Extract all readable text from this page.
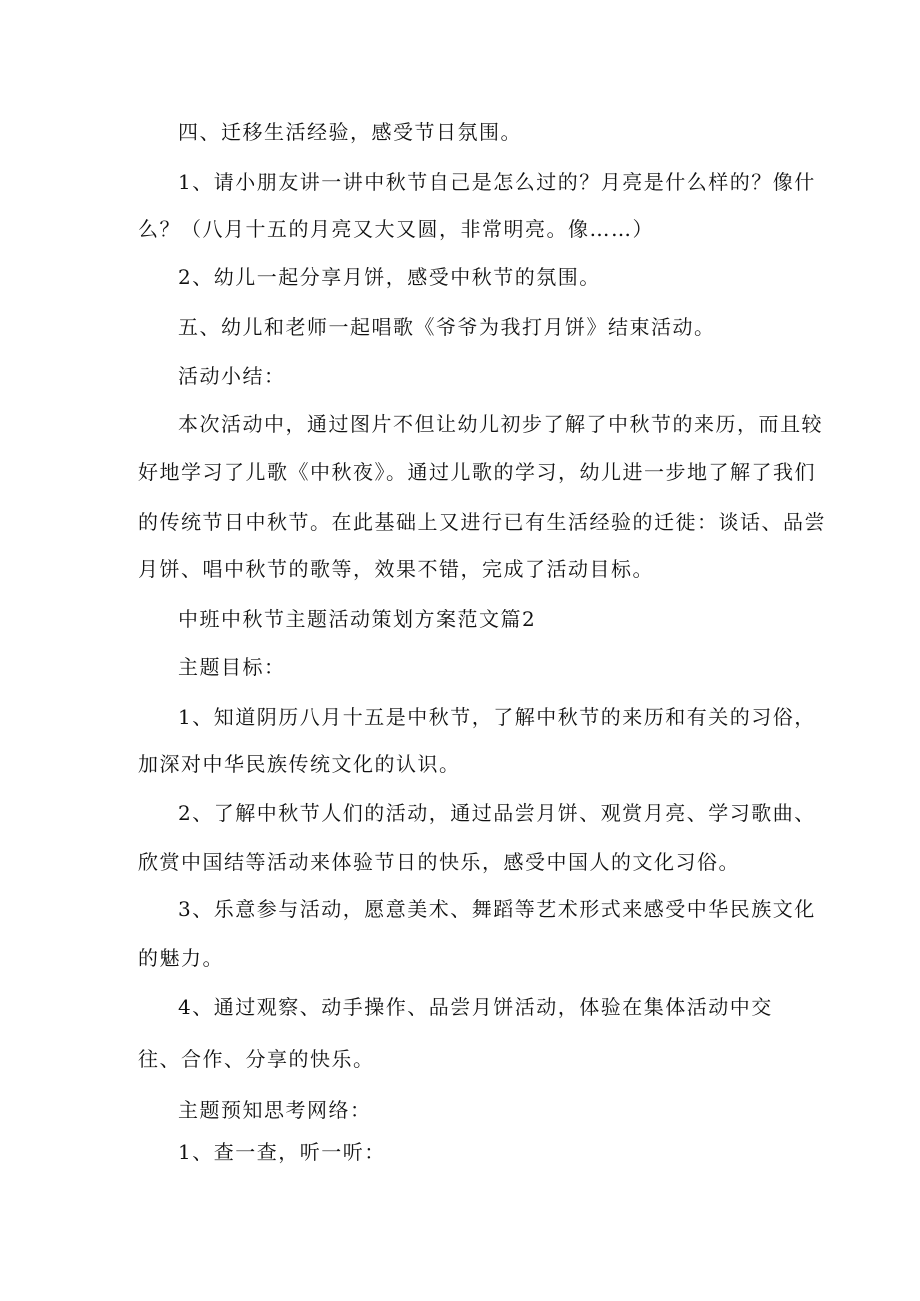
四、迁移生活经验，感受节日氛围。
1、请小朋友讲一讲中秋节自己是怎么过的？月亮是什么样的？像什
么？（八月十五的月亮又大又圆，非常明亮。像……）
2、幼儿一起分享月饼，感受中秋节的氛围。
五、幼儿和老师一起唱歌《爷爷为我打月饼》结束活动。
活动小结：
本次活动中，通过图片不但让幼儿初步了解了中秋节的来历，而且较
好地学习了儿歌《中秋夜》。通过儿歌的学习，幼儿进一步地了解了我们
的传统节日中秋节。在此基础上又进行已有生活经验的迁徙：谈话、品尝
月饼、唱中秋节的歌等，效果不错，完成了活动目标。
中班中秋节主题活动策划方案范文篇2
主题目标：
1、知道阴历八月十五是中秋节，了解中秋节的来历和有关的习俗，
加深对中华民族传统文化的认识。
2、了解中秋节人们的活动，通过品尝月饼、观赏月亮、学习歌曲、
欣赏中国结等活动来体验节日的快乐，感受中国人的文化习俗。
3、乐意参与活动，愿意美术、舞蹈等艺术形式来感受中华民族文化
的魅力。
4、通过观察、动手操作、品尝月饼活动，体验在集体活动中交
往、合作、分享的快乐。
主题预知思考网络：
1、查一查，听一听：
